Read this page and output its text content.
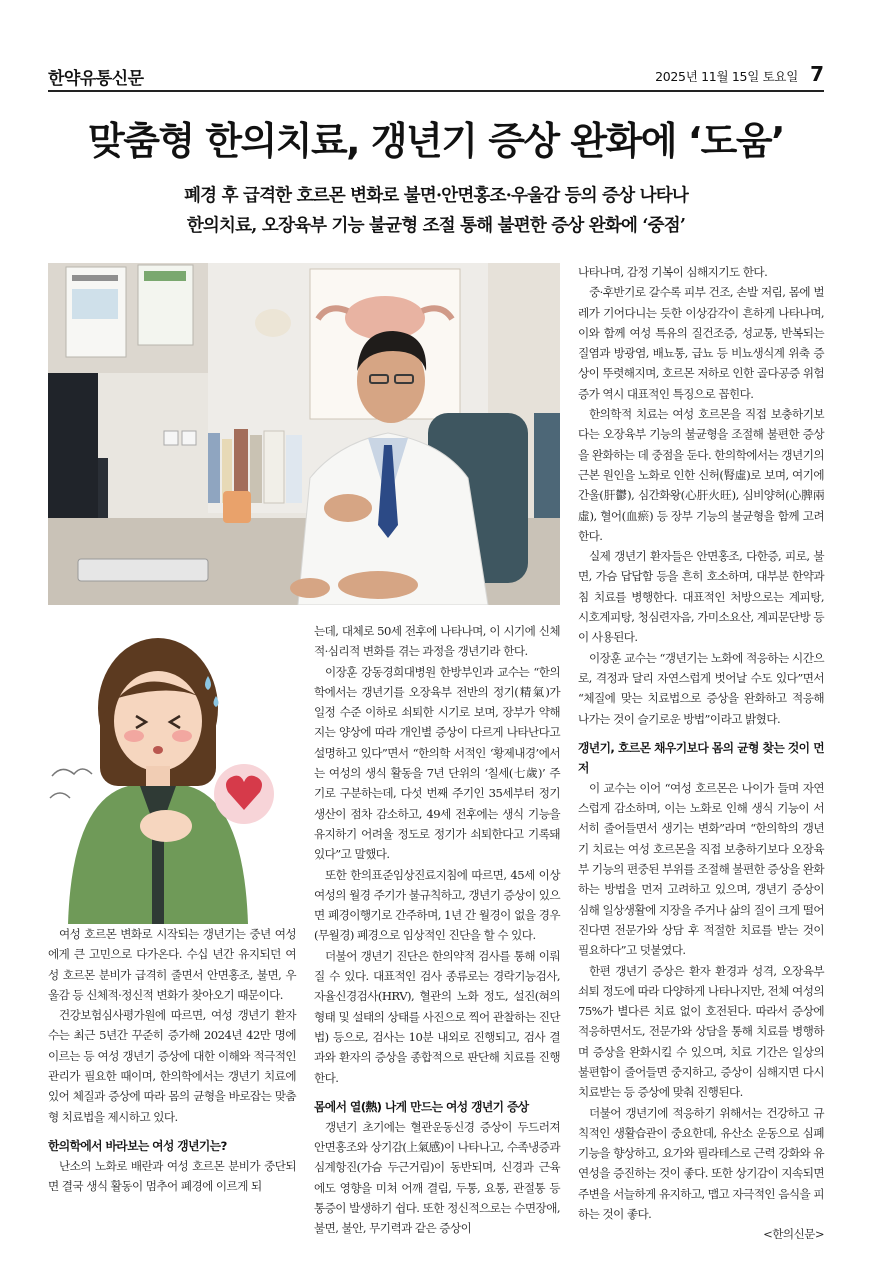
한약유통신문	2025년 11월 15일 토요일 7
맞춤형 한의치료, 갱년기 증상 완화에 ‘도움’
폐경 후 급격한 호르몬 변화로 불면·안면홍조·우울감 등의 증상 나타나
한의치료, 오장육부 기능 불균형 조절 통해 불편한 증상 완화에 ‘중점’

여성 호르몬 변화로 시작되는 갱년기는 중년 여성에게 큰 고민으로 다가온다. 수십 년간 유지되던 여성 호르몬 분비가 급격히 줄면서 안면홍조, 불면, 우울감 등 신체적·정신적 변화가 찾아오기 때문이다.

건강보험심사평가원에 따르면, 여성 갱년기 환자 수는 최근 5년간 꾸준히 증가해 2024년 42만 명에 이르는 등 여성 갱년기 증상에 대한 이해와 적극적인 관리가 필요한 때이며, 한의학에서는 갱년기 치료에 있어 체질과 증상에 따라 몸의 균형을 바로잡는 맞춤형 치료법을 제시하고 있다.

한의학에서 바라보는 여성 갱년기는?

난소의 노화로 배란과 여성 호르몬 분비가 중단되면 결국 생식 활동이 멈추어 폐경에 이르게 되

는데, 대체로 50세 전후에 나타나며, 이 시기에 신체적·심리적 변화를 겪는 과정을 갱년기라 한다.

이장훈 강동경희대병원 한방부인과 교수는 “한의학에서는 갱년기를 오장육부 전반의 정기(精氣)가 일정 수준 이하로 쇠퇴한 시기로 보며, 장부가 약해지는 양상에 따라 개인별 증상이 다르게 나타난다고 설명하고 있다”면서 “한의학 서적인 ‘황제내경’에서는 여성의 생식 활동을 7년 단위의 ‘칠세(七歲)’ 주기로 구분하는데, 다섯 번째 주기인 35세부터 정기 생산이 점차 감소하고, 49세 전후에는 생식 기능을 유지하기 어려울 정도로 정기가 쇠퇴한다고 기록돼 있다”고 말했다.

또한 한의표준임상진료지침에 따르면, 45세 이상 여성의 월경 주기가 불규칙하고, 갱년기 증상이 있으면 폐경이행기로 간주하며, 1년 간 월경이 없을 경우(무월경) 폐경으로 임상적인 진단을 할 수 있다.

더불어 갱년기 진단은 한의약적 검사를 통해 이뤄질 수 있다. 대표적인 검사 종류로는 경락기능검사, 자율신경검사(HRV), 혈관의 노화 정도, 설진(혀의 형태 및 설태의 상태를 사진으로 찍어 관찰하는 진단법) 등으로, 검사는 10분 내외로 진행되고, 검사 결과와 환자의 증상을 종합적으로 판단해 치료를 진행한다.

몸에서 열(熱) 나게 만드는 여성 갱년기 증상

갱년기 초기에는 혈관운동신경 증상이 두드러져 안면홍조와 상기감(上氣感)이 나타나고, 수족냉증과 심계항진(가슴 두근거림)이 동반되며, 신경과 근육에도 영향을 미쳐 어깨 결림, 두통, 요통, 관절통 등 통증이 발생하기 쉽다. 또한 정신적으로는 수면장애, 불면, 불안, 무기력과 같은 증상이

나타나며, 감정 기복이 심해지기도 한다.

중·후반기로 갈수록 피부 건조, 손발 저림, 몸에 벌레가 기어다니는 듯한 이상감각이 흔하게 나타나며, 이와 함께 여성 특유의 질건조증, 성교통, 반복되는 질염과 방광염, 배뇨통, 급뇨 등 비뇨생식계 위축 증상이 뚜렷해지며, 호르몬 저하로 인한 골다공증 위험 증가 역시 대표적인 특징으로 꼽힌다.

한의학적 치료는 여성 호르몬을 직접 보충하기보다는 오장육부 기능의 불균형을 조절해 불편한 증상을 완화하는 데 중점을 둔다. 한의학에서는 갱년기의 근본 원인을 노화로 인한 신허(腎虛)로 보며, 여기에 간울(肝鬱), 심간화왕(心肝火旺), 심비양허(心脾兩虛), 혈어(血瘀) 등 장부 기능의 불균형을 함께 고려한다.

실제 갱년기 환자들은 안면홍조, 다한증, 피로, 불면, 가슴 답답함 등을 흔히 호소하며, 대부분 한약과 침 치료를 병행한다. 대표적인 처방으로는 계피탕, 시호계피탕, 청심련자음, 가미소요산, 계피문단방 등이 사용된다.

이장훈 교수는 “갱년기는 노화에 적응하는 시간으로, 격정과 달리 자연스럽게 벗어날 수도 있다”면서 “체질에 맞는 치료법으로 증상을 완화하고 적응해 나가는 것이 슬기로운 방법”이라고 밝혔다.

갱년기, 호르몬 채우기보다 몸의 균형 찾는 것이 먼저

이 교수는 이어 “여성 호르몬은 나이가 들며 자연스럽게 감소하며, 이는 노화로 인해 생식 기능이 서서히 줄어들면서 생기는 변화”라며 “한의학의 갱년기 치료는 여성 호르몬을 직접 보충하기보다 오장육부 기능의 편중된 부위를 조절해 불편한 증상을 완화하는 방법을 먼저 고려하고 있으며, 갱년기 증상이 심해 일상생활에 지장을 주거나 삶의 질이 크게 떨어진다면 전문가와 상담 후 적절한 치료를 받는 것이 필요하다”고 덧붙였다.

한편 갱년기 증상은 환자 환경과 성격, 오장육부 쇠퇴 정도에 따라 다양하게 나타나지만, 전체 여성의 75%가 별다른 치료 없이 호전된다. 따라서 증상에 적응하면서도, 전문가와 상담을 통해 치료를 병행하며 증상을 완화시킬 수 있으며, 치료 기간은 일상의 불편함이 줄어들면 중지하고, 증상이 심해지면 다시 치료받는 등 증상에 맞춰 진행된다.

더불어 갱년기에 적응하기 위해서는 건강하고 규칙적인 생활습관이 중요한데, 유산소 운동으로 심폐 기능을 향상하고, 요가와 필라테스로 근력 강화와 유연성을 증진하는 것이 좋다. 또한 상기감이 지속되면 주변을 서늘하게 유지하고, 맵고 자극적인 음식을 피하는 것이 좋다.

<한의신문>
